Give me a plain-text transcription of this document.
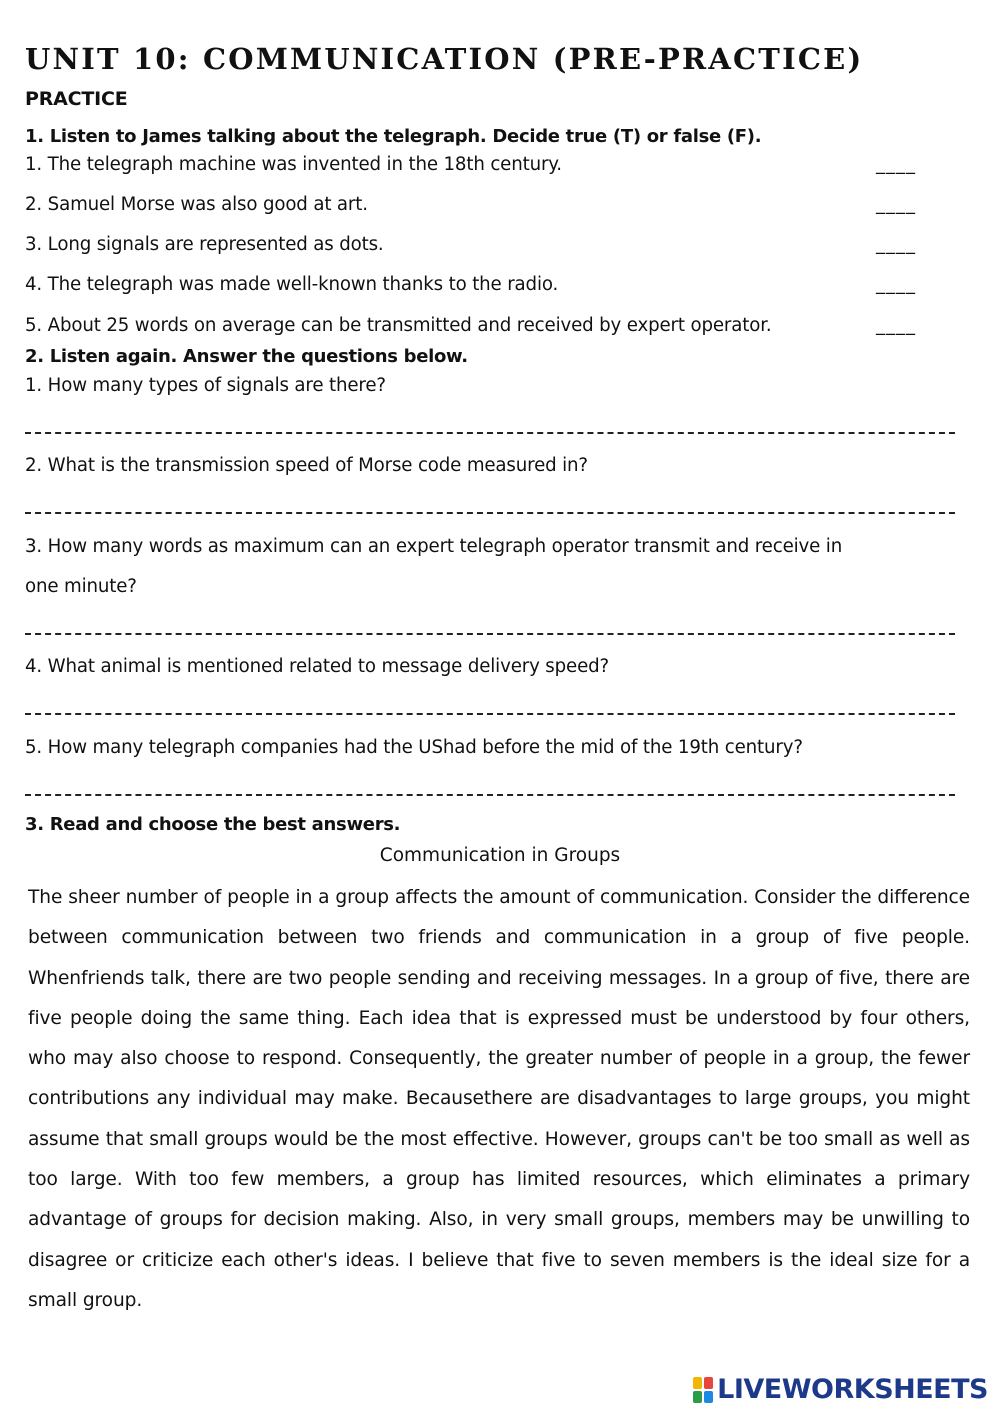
UNIT 10: COMMUNICATION (PRE-PRACTICE)
PRACTICE
1. Listen to James talking about the telegraph. Decide true (T) or false (F).
1. The telegraph machine was invented in the 18th century.	____
2. Samuel Morse was also good at art.	____
3. Long signals are represented as dots.	____
4. The telegraph was made well-known thanks to the radio.	____
5. About 25 words on average can be transmitted and received by expert operator.	____
2. Listen again. Answer the questions below.
1. How many types of signals are there?
2. What is the transmission speed of Morse code measured in?
3. How many words as maximum can an expert telegraph operator transmit and receive in
one minute?
4. What animal is mentioned related to message delivery speed?
5. How many telegraph companies had the UShad before the mid of the 19th century?
3. Read and choose the best answers.
Communication in Groups
The sheer number of people in a group affects the amount of communication. Consider the difference between communication between two friends and communication in a group of five people. Whenfriends talk, there are two people sending and receiving messages. In a group of five, there are five people doing the same thing. Each idea that is expressed must be understood by four others, who may also choose to respond. Consequently, the greater number of people in a group, the fewer contributions any individual may make. Becausethere are disadvantages to large groups, you might assume that small groups would be the most effective. However, groups can't be too small as well as too large. With too few members, a group has limited resources, which eliminates a primary advantage of groups for decision making. Also, in very small groups, members may be unwilling to disagree or criticize each other's ideas. I believe that five to seven members is the ideal size for a small group.
LIVEWORKSHEETS
